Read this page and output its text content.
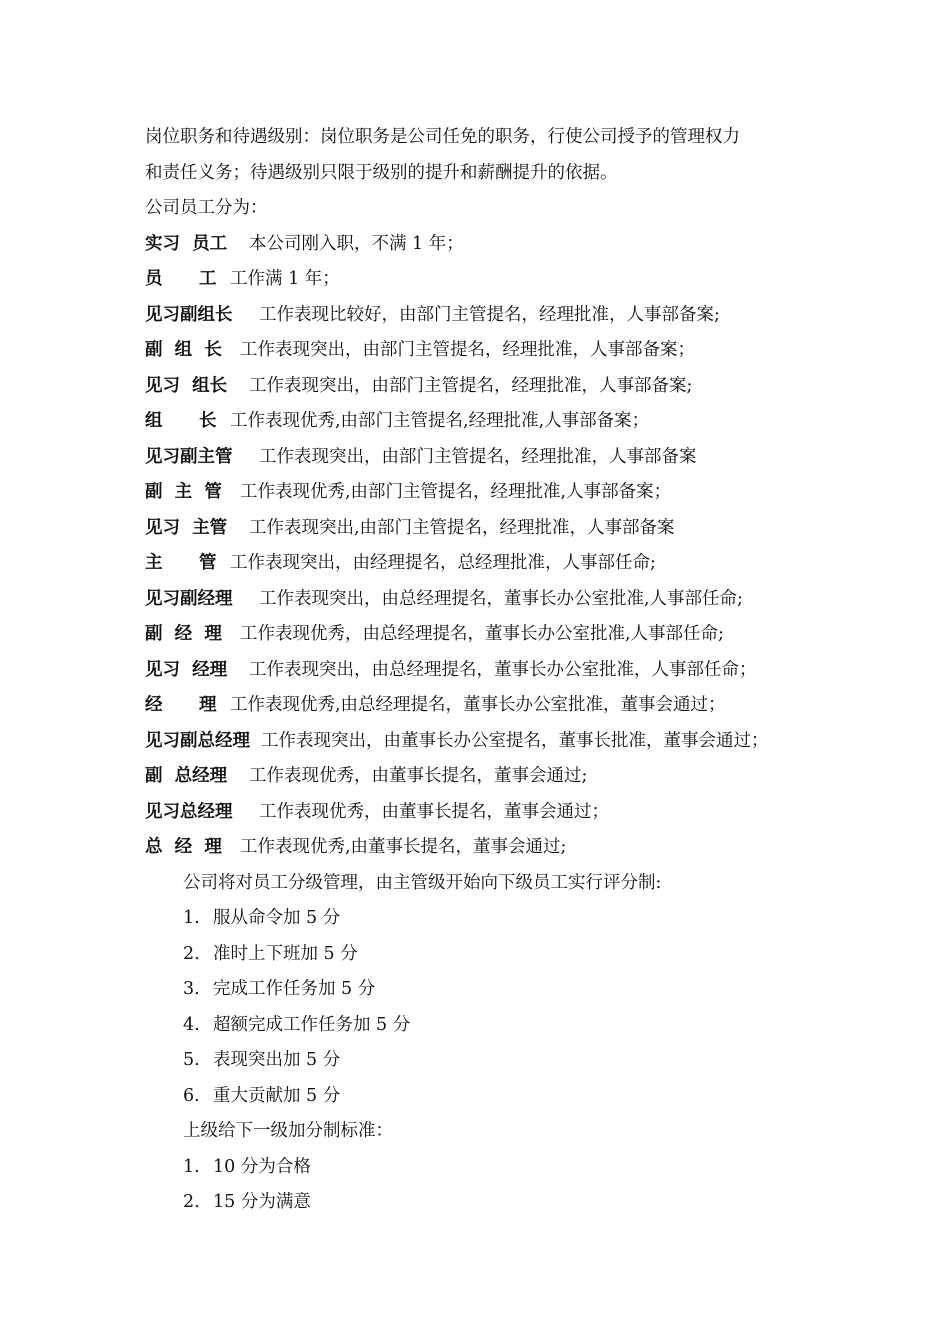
岗位职务和待遇级别：岗位职务是公司任免的职务，行使公司授予的管理权力
和责任义务；待遇级别只限于级别的提升和薪酬提升的依据。
公司员工分为：
实习  员工	本公司刚入职，不满 1 年；
员      工 工作满 1 年；
见习副组长	工作表现比较好，由部门主管提名，经理批准，人事部备案;
副  组  长	工作表现突出，由部门主管提名，经理批准，人事部备案；
见习  组长	工作表现突出，由部门主管提名，经理批准，人事部备案;
组      长 工作表现优秀,由部门主管提名,经理批准,人事部备案；
见习副主管	工作表现突出，由部门主管提名，经理批准，人事部备案
副  主  管	工作表现优秀,由部门主管提名，经理批准,人事部备案；
见习  主管	工作表现突出,由部门主管提名，经理批准，人事部备案
主      管 工作表现突出，由经理提名，总经理批准，人事部任命;
见习副经理	工作表现突出，由总经理提名，董事长办公室批准,人事部任命;
副  经  理	工作表现优秀，由总经理提名，董事长办公室批准,人事部任命;
见习  经理	工作表现突出，由总经理提名，董事长办公室批准，人事部任命；
经      理 工作表现优秀,由总经理提名，董事长办公室批准，董事会通过；
见习副总经理 工作表现突出，由董事长办公室提名，董事长批准，董事会通过；
副  总经理	工作表现优秀，由董事长提名，董事会通过;
见习总经理	工作表现优秀，由董事长提名，董事会通过；
总  经  理	工作表现优秀,由董事长提名，董事会通过;
公司将对员工分级管理，由主管级开始向下级员工实行评分制:
1. 服从命令加 5 分
2. 准时上下班加 5 分
3. 完成工作任务加 5 分
4. 超额完成工作任务加 5 分
5. 表现突出加 5 分
6. 重大贡献加 5 分
上级给下一级加分制标准：
1. 10 分为合格
2. 15 分为满意
